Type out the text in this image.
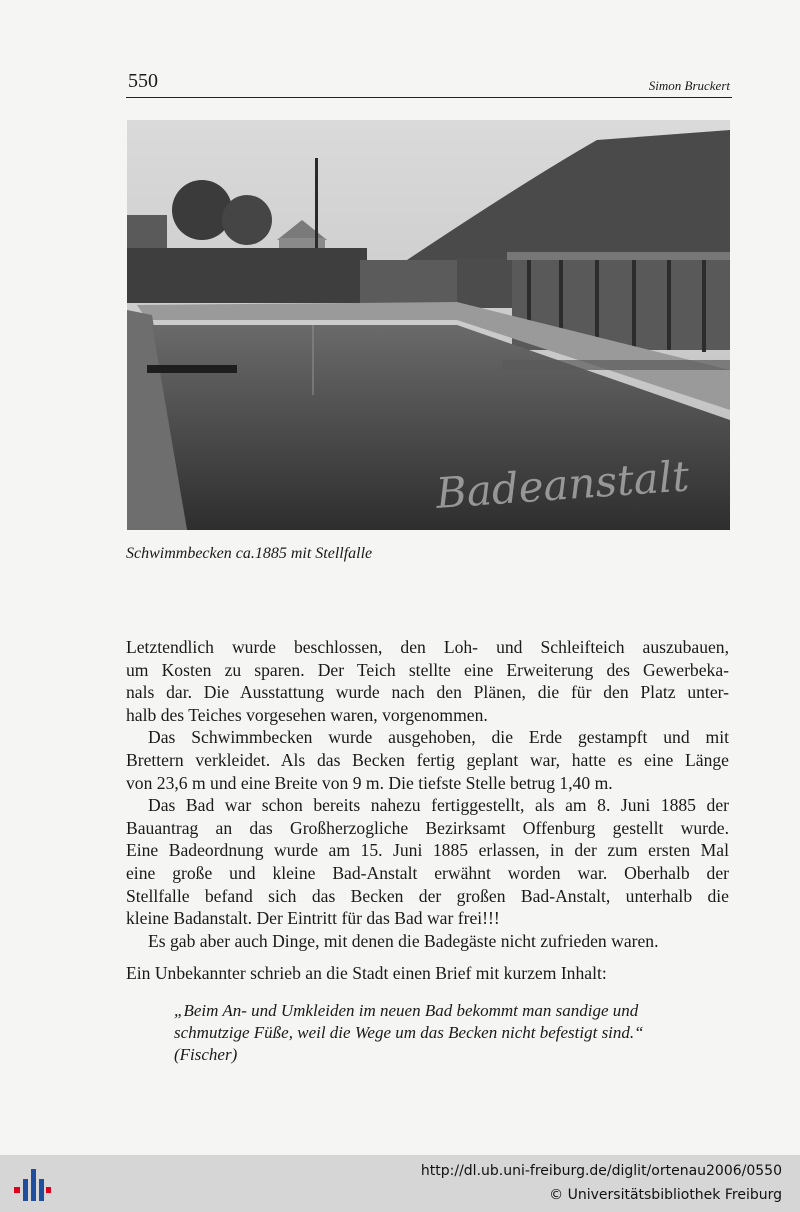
550	Simon Bruckert
Badeanstalt
Schwimmbecken ca.1885 mit Stellfalle
Letztendlich wurde beschlossen, den Loh- und Schleifteich auszubauen,
um Kosten zu sparen. Der Teich stellte eine Erweiterung des Gewerbeka-
nals dar. Die Ausstattung wurde nach den Plänen, die für den Platz unter-
halb des Teiches vorgesehen waren, vorgenommen.
Das Schwimmbecken wurde ausgehoben, die Erde gestampft und mit
Brettern verkleidet. Als das Becken fertig geplant war, hatte es eine Länge
von 23,6 m und eine Breite von 9 m. Die tiefste Stelle betrug 1,40 m.
Das Bad war schon bereits nahezu fertiggestellt, als am 8. Juni 1885 der
Bauantrag an das Großherzogliche Bezirksamt Offenburg gestellt wurde.
Eine Badeordnung wurde am 15. Juni 1885 erlassen, in der zum ersten Mal
eine große und kleine Bad-Anstalt erwähnt worden war. Oberhalb der
Stellfalle befand sich das Becken der großen Bad-Anstalt, unterhalb die
kleine Badanstalt. Der Eintritt für das Bad war frei!!!
Es gab aber auch Dinge, mit denen die Badegäste nicht zufrieden waren.
Ein Unbekannter schrieb an die Stadt einen Brief mit kurzem Inhalt:
„Beim An- und Umkleiden im neuen Bad bekommt man sandige und
schmutzige Füße, weil die Wege um das Becken nicht befestigt sind.“
(Fischer)
http://dl.ub.uni-freiburg.de/diglit/ortenau2006/0550
© Universitätsbibliothek Freiburg
